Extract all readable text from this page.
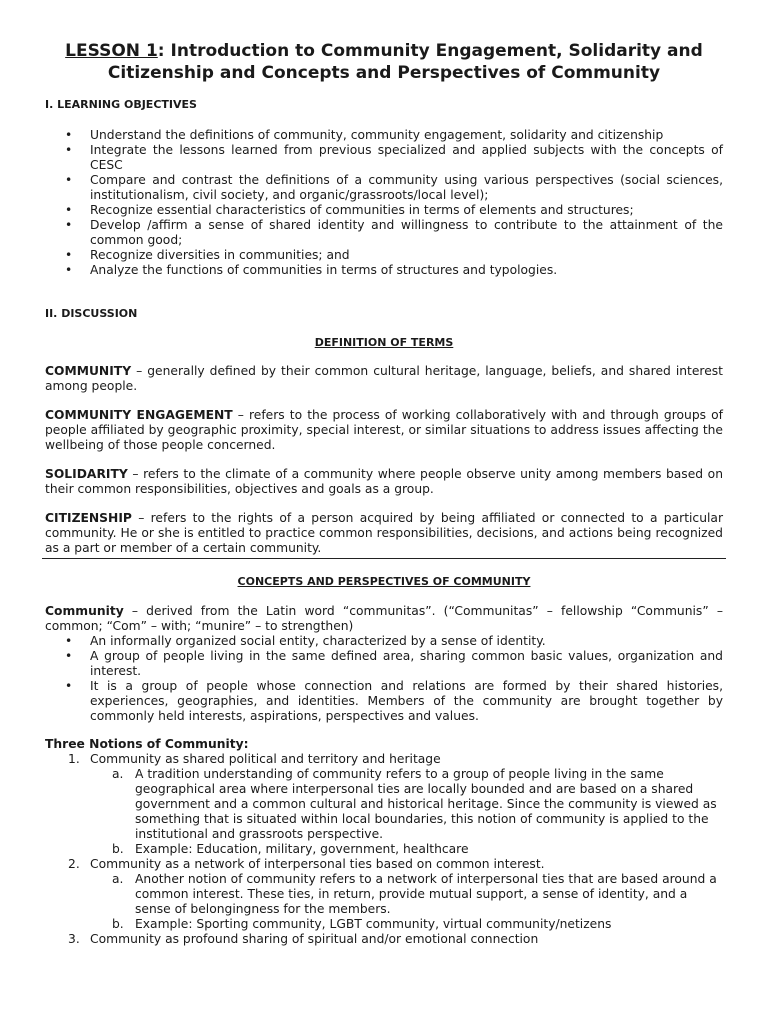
LESSON 1: Introduction to Community Engagement, Solidarity and
Citizenship and Concepts and Perspectives of Community
I. LEARNING OBJECTIVES
• Understand the definitions of community, community engagement, solidarity and citizenship
• Integrate the lessons learned from previous specialized and applied subjects with the concepts of CESC
• Compare and contrast the definitions of a community using various perspectives (social sciences, institutionalism, civil society, and organic/grassroots/local level);
• Recognize essential characteristics of communities in terms of elements and structures;
• Develop /affirm a sense of shared identity and willingness to contribute to the attainment of the common good;
• Recognize diversities in communities; and
• Analyze the functions of communities in terms of structures and typologies.
II. DISCUSSION
DEFINITION OF TERMS

COMMUNITY – generally defined by their common cultural heritage, language, beliefs, and shared interest among people.

COMMUNITY ENGAGEMENT – refers to the process of working collaboratively with and through groups of people affiliated by geographic proximity, special interest, or similar situations to address issues affecting the wellbeing of those people concerned.

SOLIDARITY – refers to the climate of a community where people observe unity among members based on their common responsibilities, objectives and goals as a group.

CITIZENSHIP – refers to the rights of a person acquired by being affiliated or connected to a particular community. He or she is entitled to practice common responsibilities, decisions, and actions being recognized as a part or member of a certain community.

CONCEPTS AND PERSPECTIVES OF COMMUNITY

Community – derived from the Latin word “communitas”. (“Communitas” – fellowship “Communis” – common; “Com” – with; “munire” – to strengthen)

• An informally organized social entity, characterized by a sense of identity.
• A group of people living in the same defined area, sharing common basic values, organization and interest.
• It is a group of people whose connection and relations are formed by their shared histories, experiences, geographies, and identities. Members of the community are brought together by commonly held interests, aspirations, perspectives and values.
Three Notions of Community:
1. Community as shared political and territory and heritage
a. A tradition understanding of community refers to a group of people living in the same geographical area where interpersonal ties are locally bounded and are based on a shared government and a common cultural and historical heritage. Since the community is viewed as something that is situated within local boundaries, this notion of community is applied to the institutional and grassroots perspective.
b. Example: Education, military, government, healthcare
2. Community as a network of interpersonal ties based on common interest.
a. Another notion of community refers to a network of interpersonal ties that are based around a common interest. These ties, in return, provide mutual support, a sense of identity, and a sense of belongingness for the members.
b. Example: Sporting community, LGBT community, virtual community/netizens
3. Community as profound sharing of spiritual and/or emotional connection
